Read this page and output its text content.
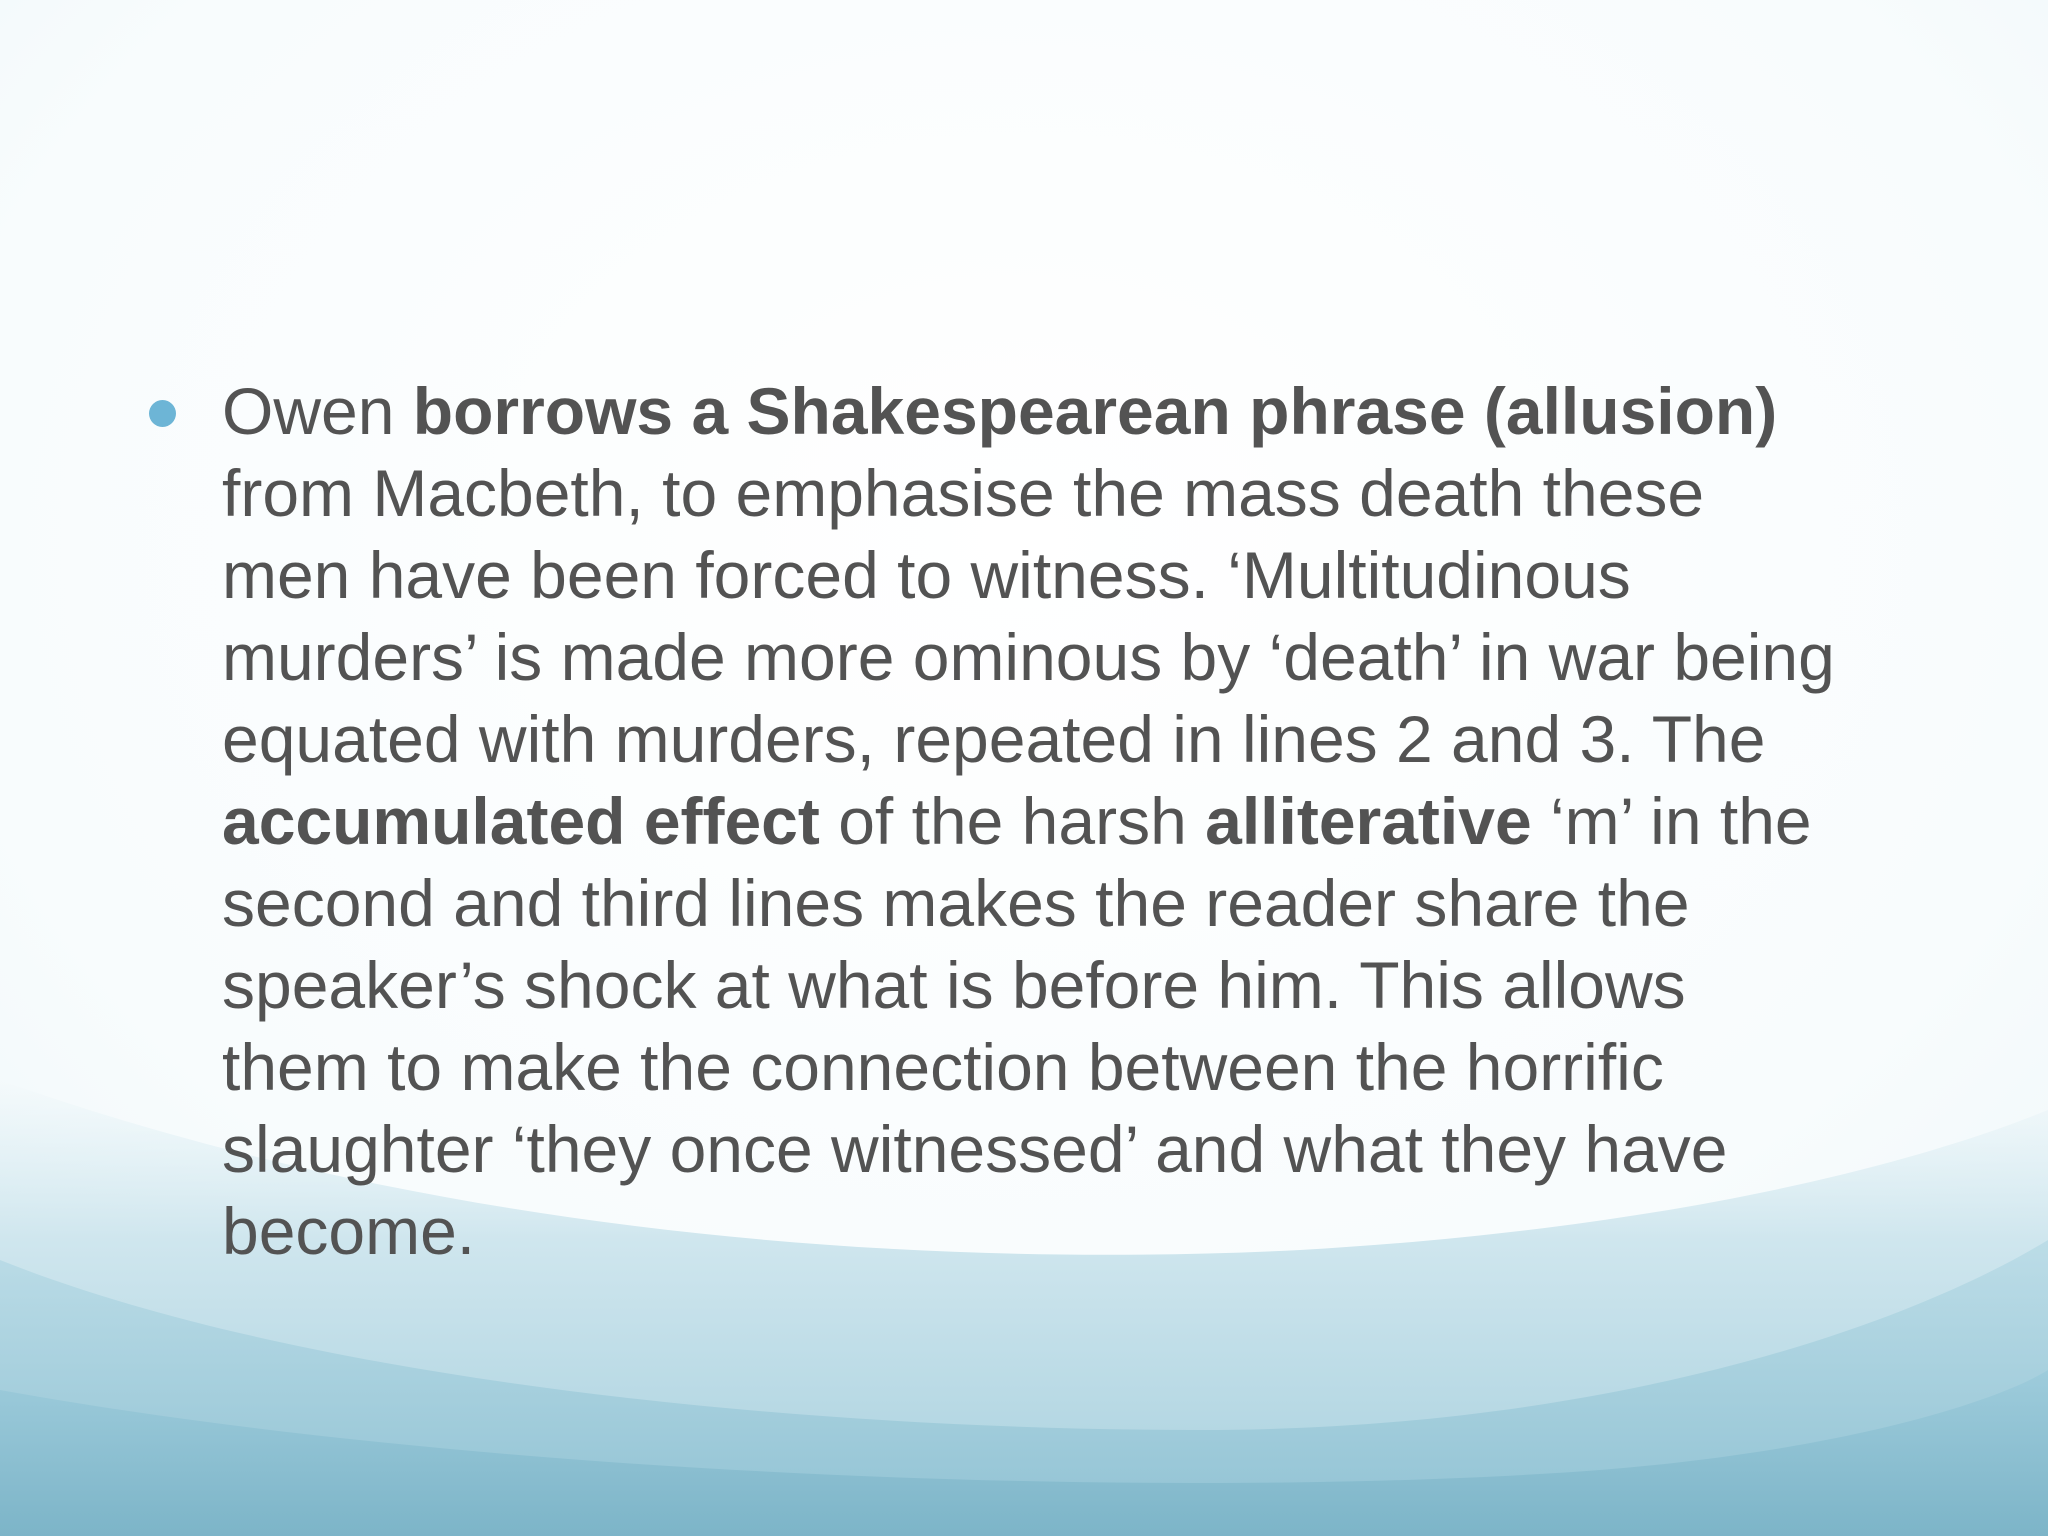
Owen borrows a Shakespearean phrase (allusion)
from Macbeth, to emphasise the mass death these
men have been forced to witness. ‘Multitudinous
murders’ is made more ominous by ‘death’ in war being
equated with murders, repeated in lines 2 and 3. The
accumulated effect of the harsh alliterative ‘m’ in the
second and third lines makes the reader share the
speaker’s shock at what is before him. This allows
them to make the connection between the horrific
slaughter ‘they once witnessed’ and what they have
become.
